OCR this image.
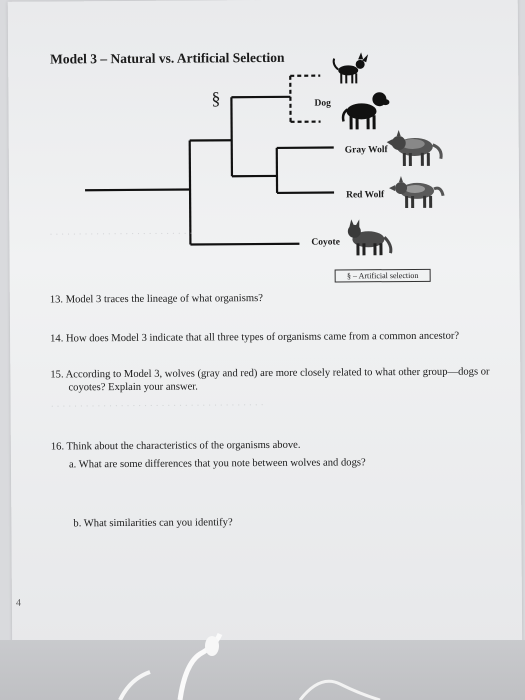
Model 3 – Natural vs. Artificial Selection
§	Dog
Gray Wolf
Red Wolf
Coyote
§ – Artificial selection
· · · · · · · · · · · · · · · · · · · · · · · · ·
· · · · · · · · · · · · · · · · · · · · · · · · · · · · · · · · · · · · ·
13. Model 3 traces the lineage of what organisms?
14. How does Model 3 indicate that all three types of organisms came from a common ancestor?
15. According to Model 3, wolves (gray and red) are more closely related to what other group—dogs or
coyotes? Explain your answer.
16. Think about the characteristics of the organisms above.
a. What are some differences that you note between wolves and dogs?
b. What similarities can you identify?
4
